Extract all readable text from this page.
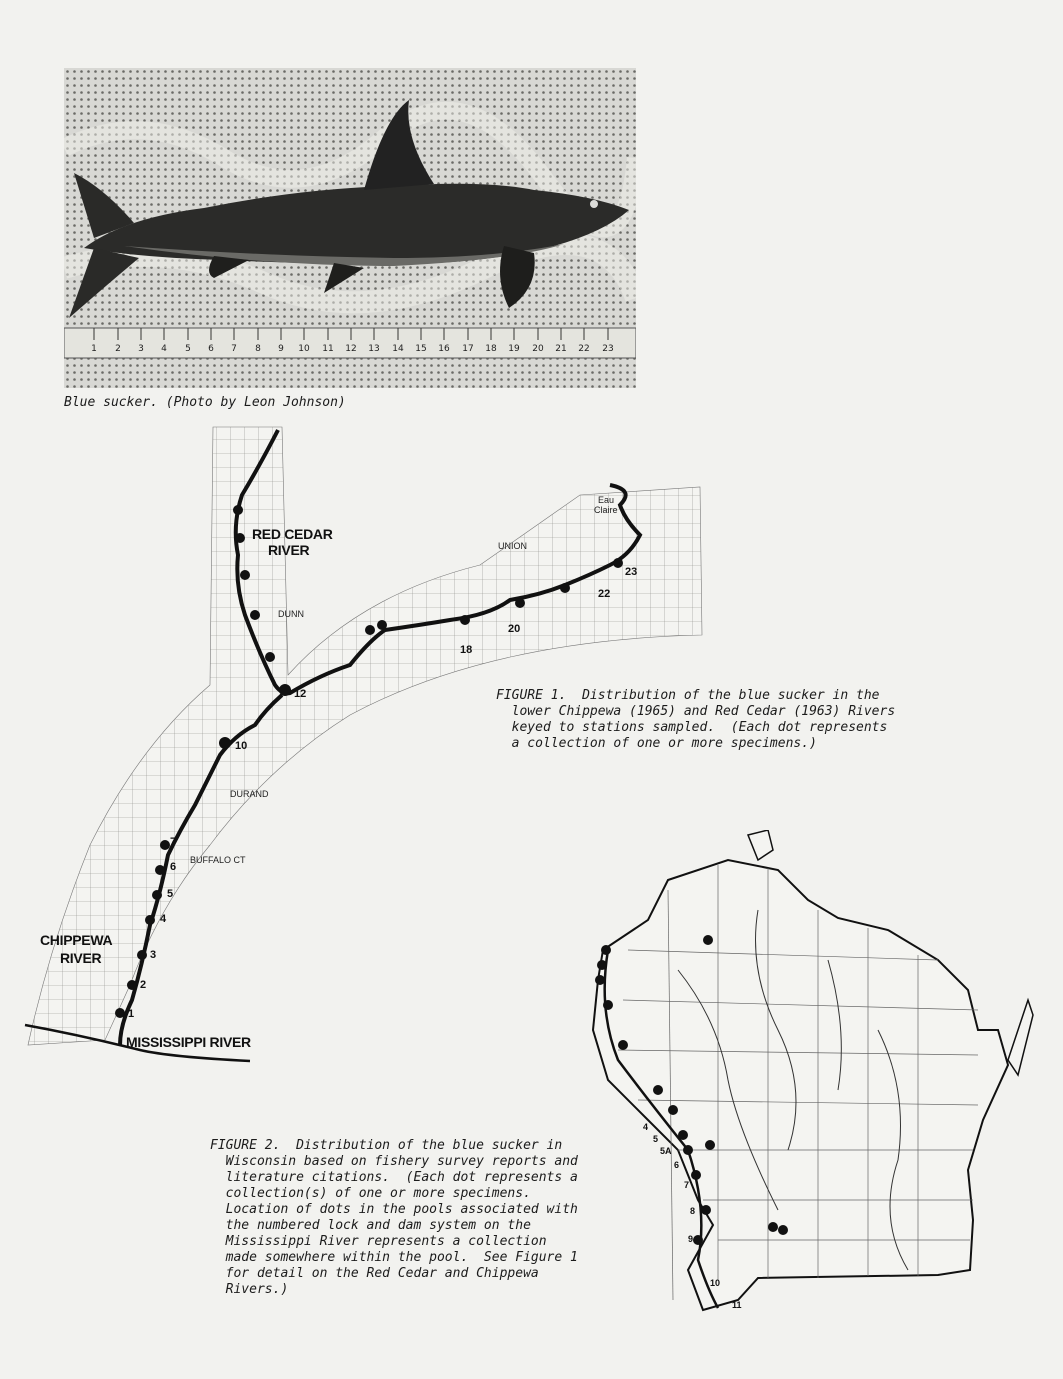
1 2 3 4 5 6 7 8 9 10 11 12 13 14 15 16 17 18 19 20 21 22 23
Blue sucker. (Photo by Leon Johnson)
7
6
5
4
3
2
1
10
12
18
20
22
23
Eau
Claire
DUNN
UNION
DURAND
BUFFALO CT
RED CEDAR
RIVER
CHIPPEWA
RIVER
MISSISSIPPI RIVER
FIGURE 1.  Distribution of the blue sucker in the
lower Chippewa (1965) and Red Cedar (1963) Rivers
keyed to stations sampled.  (Each dot represents
a collection of one or more specimens.)
4
5
5A
6
7
8
9
10
11
FIGURE 2.  Distribution of the blue sucker in
Wisconsin based on fishery survey reports and
literature citations.  (Each dot represents a
collection(s) of one or more specimens.
Location of dots in the pools associated with
the numbered lock and dam system on the
Mississippi River represents a collection
made somewhere within the pool.  See Figure 1
for detail on the Red Cedar and Chippewa
Rivers.)
